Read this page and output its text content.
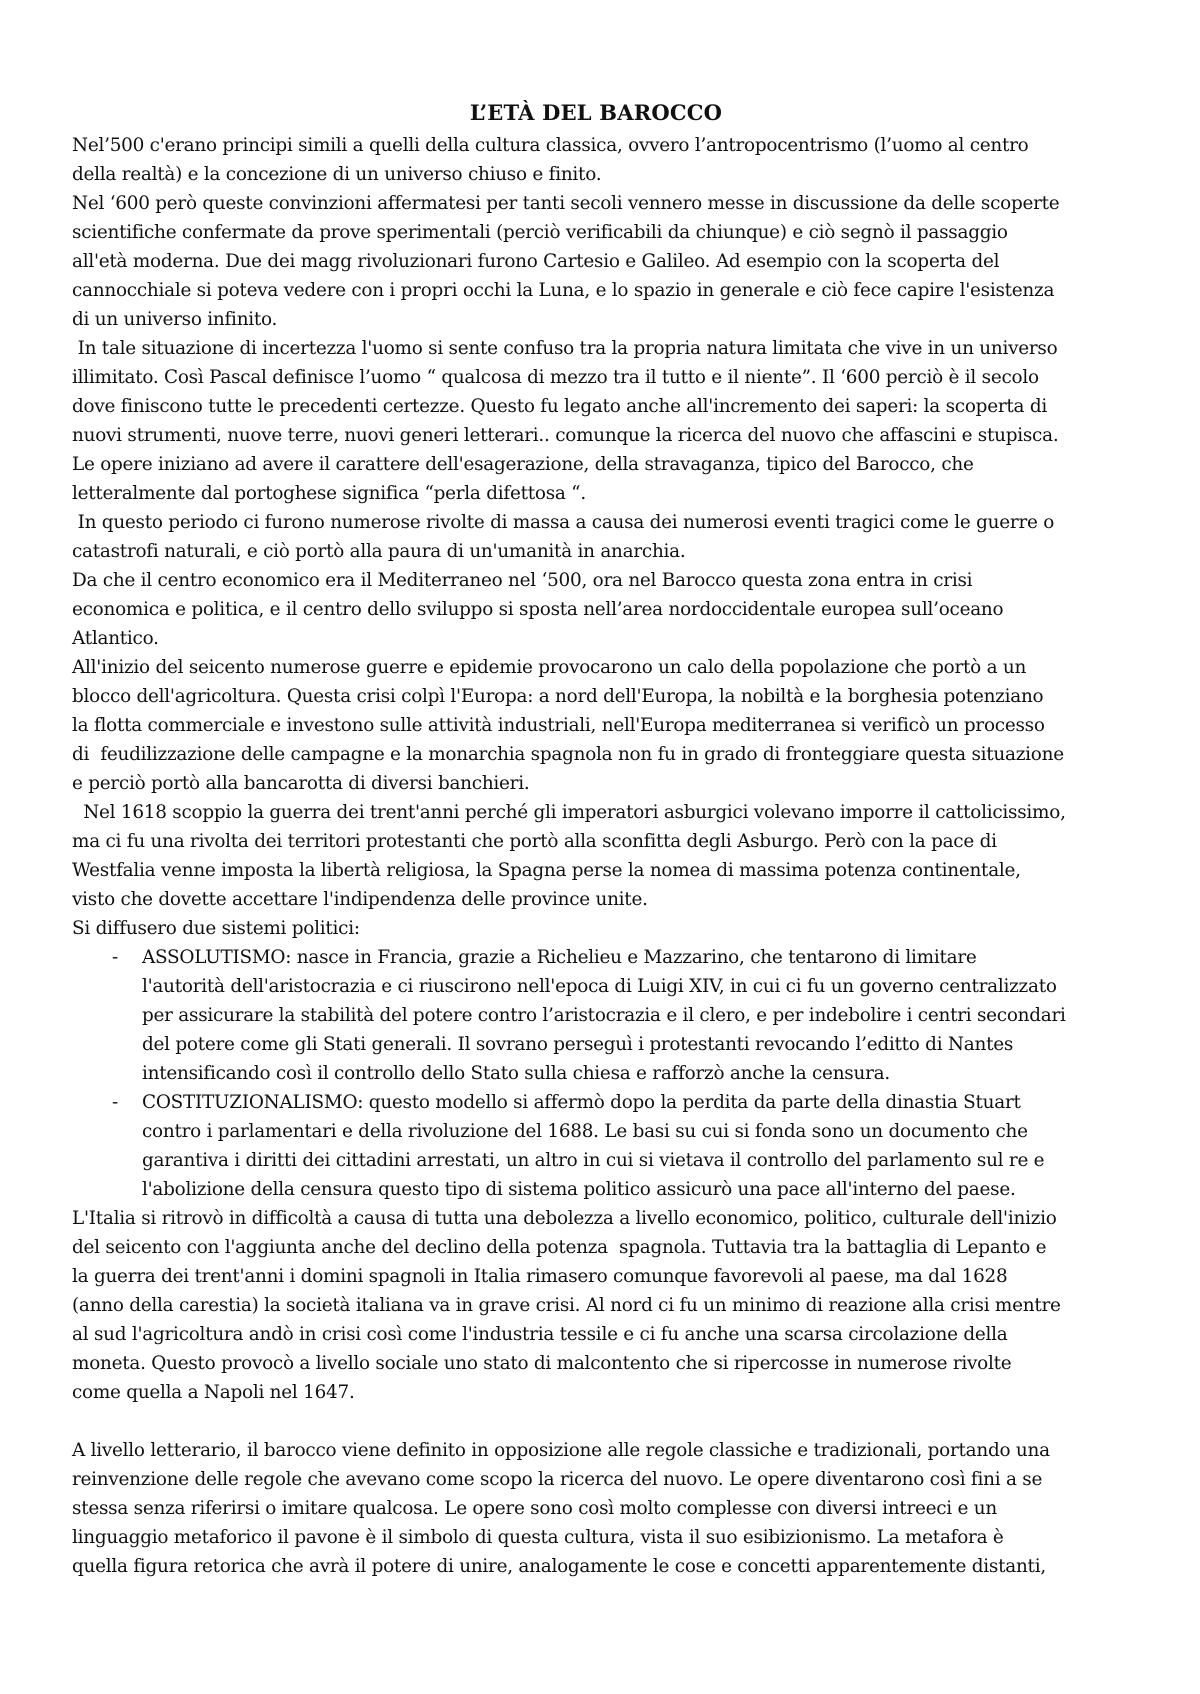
L’ETÀ DEL BAROCCO
Nel’500 c'erano principi simili a quelli della cultura classica, ovvero l’antropocentrismo (l’uomo al centro
della realtà) e la concezione di un universo chiuso e finito.
Nel ‘600 però queste convinzioni affermatesi per tanti secoli vennero messe in discussione da delle scoperte
scientifiche confermate da prove sperimentali (perciò verificabili da chiunque) e ciò segnò il passaggio
all'età moderna. Due dei magg rivoluzionari furono Cartesio e Galileo. Ad esempio con la scoperta del
cannocchiale si poteva vedere con i propri occhi la Luna, e lo spazio in generale e ciò fece capire l'esistenza
di un universo infinito.
In tale situazione di incertezza l'uomo si sente confuso tra la propria natura limitata che vive in un universo
illimitato. Così Pascal definisce l’uomo “ qualcosa di mezzo tra il tutto e il niente”. Il ‘600 perciò è il secolo
dove finiscono tutte le precedenti certezze. Questo fu legato anche all'incremento dei saperi: la scoperta di
nuovi strumenti, nuove terre, nuovi generi letterari.. comunque la ricerca del nuovo che affascini e stupisca.
Le opere iniziano ad avere il carattere dell'esagerazione, della stravaganza, tipico del Barocco, che
letteralmente dal portoghese significa “perla difettosa “.
In questo periodo ci furono numerose rivolte di massa a causa dei numerosi eventi tragici come le guerre o
catastrofi naturali, e ciò portò alla paura di un'umanità in anarchia.
Da che il centro economico era il Mediterraneo nel ‘500, ora nel Barocco questa zona entra in crisi
economica e politica, e il centro dello sviluppo si sposta nell’area nordoccidentale europea sull’oceano
Atlantico.
All'inizio del seicento numerose guerre e epidemie provocarono un calo della popolazione che portò a un
blocco dell'agricoltura. Questa crisi colpì l'Europa: a nord dell'Europa, la nobiltà e la borghesia potenziano
la flotta commerciale e investono sulle attività industriali, nell'Europa mediterranea si verificò un processo
di  feudilizzazione delle campagne e la monarchia spagnola non fu in grado di fronteggiare questa situazione
e perciò portò alla bancarotta di diversi banchieri.
Nel 1618 scoppio la guerra dei trent'anni perché gli imperatori asburgici volevano imporre il cattolicissimo,
ma ci fu una rivolta dei territori protestanti che portò alla sconfitta degli Asburgo. Però con la pace di
Westfalia venne imposta la libertà religiosa, la Spagna perse la nomea di massima potenza continentale,
visto che dovette accettare l'indipendenza delle province unite.
Si diffusero due sistemi politici:
- ASSOLUTISMO: nasce in Francia, grazie a Richelieu e Mazzarino, che tentarono di limitare
l'autorità dell'aristocrazia e ci riuscirono nell'epoca di Luigi XIV, in cui ci fu un governo centralizzato
per assicurare la stabilità del potere contro l’aristocrazia e il clero, e per indebolire i centri secondari
del potere come gli Stati generali. Il sovrano perseguì i protestanti revocando l’editto di Nantes
intensificando così il controllo dello Stato sulla chiesa e rafforzò anche la censura.
- COSTITUZIONALISMO: questo modello si affermò dopo la perdita da parte della dinastia Stuart
contro i parlamentari e della rivoluzione del 1688. Le basi su cui si fonda sono un documento che
garantiva i diritti dei cittadini arrestati, un altro in cui si vietava il controllo del parlamento sul re e
l'abolizione della censura questo tipo di sistema politico assicurò una pace all'interno del paese.
L'Italia si ritrovò in difficoltà a causa di tutta una debolezza a livello economico, politico, culturale dell'inizio
del seicento con l'aggiunta anche del declino della potenza  spagnola. Tuttavia tra la battaglia di Lepanto e
la guerra dei trent'anni i domini spagnoli in Italia rimasero comunque favorevoli al paese, ma dal 1628
(anno della carestia) la società italiana va in grave crisi. Al nord ci fu un minimo di reazione alla crisi mentre
al sud l'agricoltura andò in crisi così come l'industria tessile e ci fu anche una scarsa circolazione della
moneta. Questo provocò a livello sociale uno stato di malcontento che si ripercosse in numerose rivolte
come quella a Napoli nel 1647.
A livello letterario, il barocco viene definito in opposizione alle regole classiche e tradizionali, portando una
reinvenzione delle regole che avevano come scopo la ricerca del nuovo. Le opere diventarono così fini a se
stessa senza riferirsi o imitare qualcosa. Le opere sono così molto complesse con diversi intreeci e un
linguaggio metaforico il pavone è il simbolo di questa cultura, vista il suo esibizionismo. La metafora è
quella figura retorica che avrà il potere di unire, analogamente le cose e concetti apparentemente distanti,
